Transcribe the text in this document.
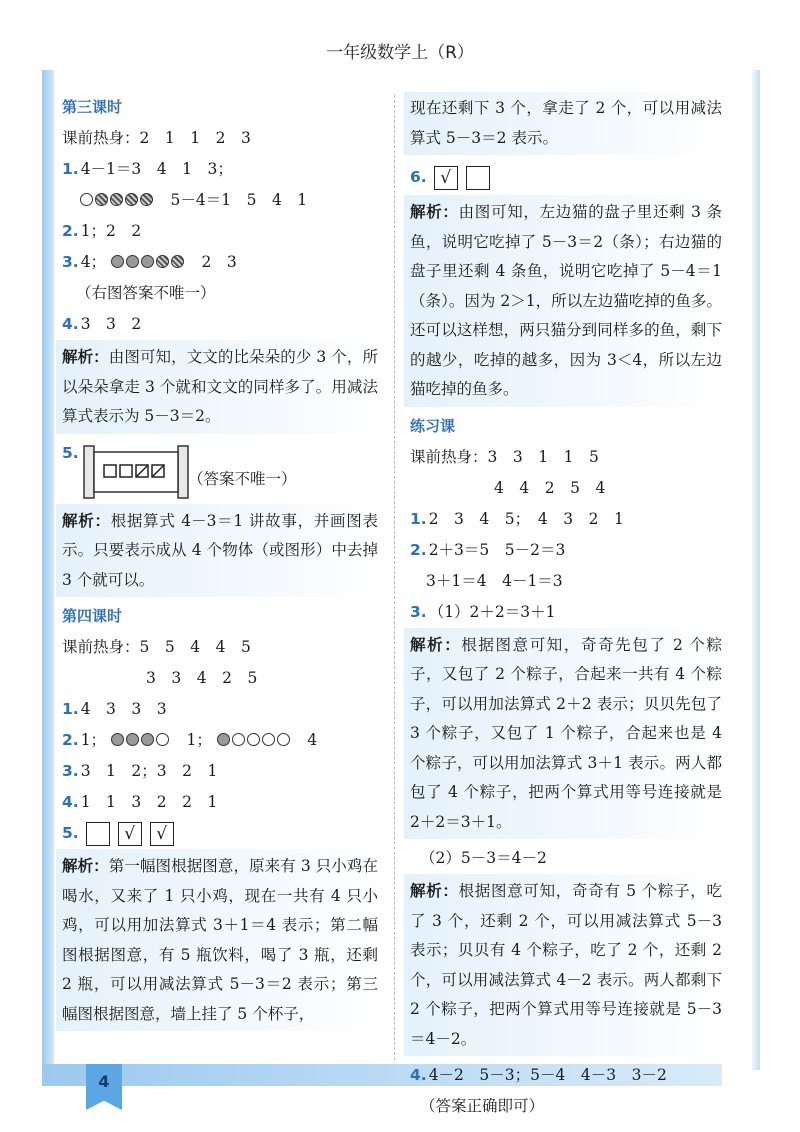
一年级数学上（R）
4
第三课时
课前热身：2　1　1　2　3
1. 4－1＝3　4　1　3；
　5－4＝1　5　4　1
2. 1；2　2
3. 4；	　2　3
（右图答案不唯一）
4. 3　3　2
解析：由图可知，文文的比朵朵的少 3 个，所以朵朵拿走 3 个就和文文的同样多了。用减法算式表示为 5－3＝2。
5.
（答案不唯一）
解析：根据算式 4－3＝1 讲故事，并画图表示。只要表示成从 4 个物体（或图形）中去掉 3 个就可以。
第四课时
课前热身：5　5　4　4　5
3　3　4　2　5
1. 4　3　3　3
2. 1；	　1；	　4
3. 3　1　2；3　2　1
4. 1　1　3　2　2　1
5.	√ √
解析：第一幅图根据图意，原来有 3 只小鸡在喝水，又来了 1 只小鸡，现在一共有 4 只小鸡，可以用加法算式 3＋1＝4 表示；第二幅图根据图意，有 5 瓶饮料，喝了 3 瓶，还剩 2 瓶，可以用减法算式 5－3＝2 表示；第三幅图根据图意，墙上挂了 5 个杯子，
现在还剩下 3 个，拿走了 2 个，可以用减法算式 5－3＝2 表示。
6. √
解析：由图可知，左边猫的盘子里还剩 3 条鱼，说明它吃掉了 5－3＝2（条）；右边猫的盘子里还剩 4 条鱼，说明它吃掉了 5－4＝1（条）。因为 2＞1，所以左边猫吃掉的鱼多。还可以这样想，两只猫分到同样多的鱼，剩下的越少，吃掉的越多，因为 3＜4，所以左边猫吃掉的鱼多。
练习课
课前热身：3　3　1　1　5
4　4　2　5　4
1. 2　3　4　5；　4　3　2　1
2. 2＋3＝5　5－2＝3
3＋1＝4　4－1＝3
3. （1）2＋2＝3＋1
解析：根据图意可知，奇奇先包了 2 个粽子，又包了 2 个粽子，合起来一共有 4 个粽子，可以用加法算式 2＋2 表示；贝贝先包了 3 个粽子，又包了 1 个粽子，合起来也是 4 个粽子，可以用加法算式 3＋1 表示。两人都包了 4 个粽子，把两个算式用等号连接就是 2＋2＝3＋1。
（2）5－3＝4－2
解析：根据图意可知，奇奇有 5 个粽子，吃了 3 个，还剩 2 个，可以用减法算式 5－3 表示；贝贝有 4 个粽子，吃了 2 个，还剩 2 个，可以用减法算式 4－2 表示。两人都剩下 2 个粽子，把两个算式用等号连接就是 5－3＝4－2。
4. 4－2　5－3；5－4　4－3　3－2
（答案正确即可）
